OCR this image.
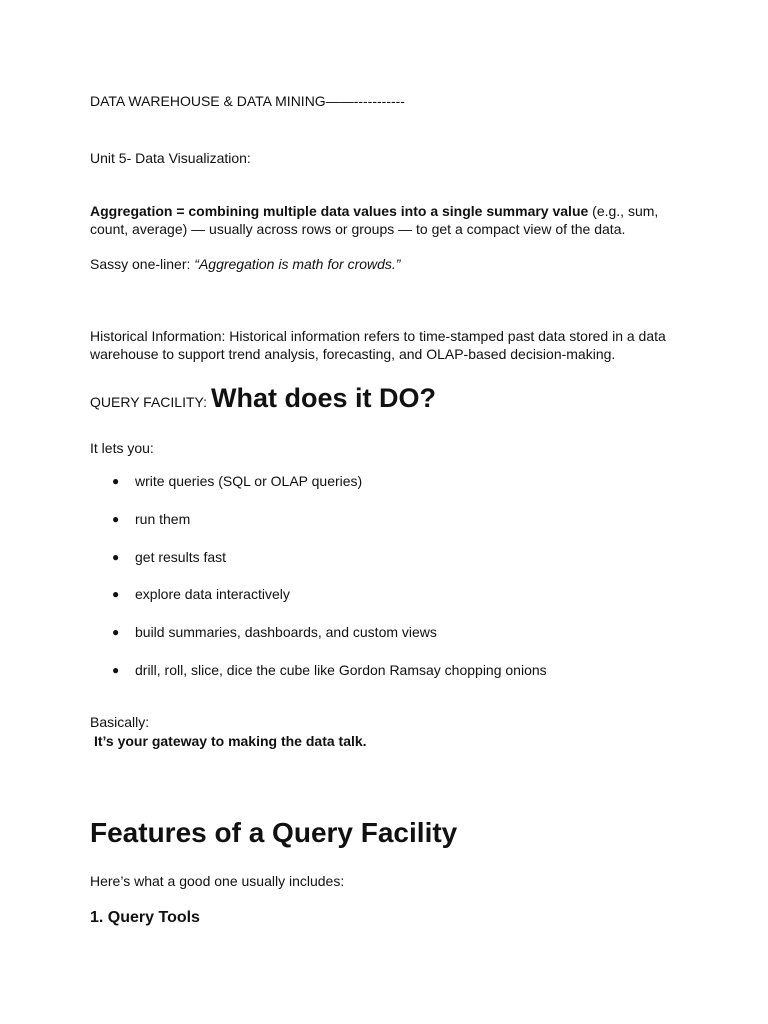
DATA WAREHOUSE & DATA MINING——-----------
Unit 5- Data Visualization:
Aggregation = combining multiple data values into a single summary value (e.g., sum, count, average) — usually across rows or groups — to get a compact view of the data.
Sassy one-liner: “Aggregation is math for crowds.”
Historical Information: Historical information refers to time-stamped past data stored in a data warehouse to support trend analysis, forecasting, and OLAP-based decision-making.
QUERY FACILITY: What does it DO?
It lets you:
● write queries (SQL or OLAP queries)
● run them
● get results fast
● explore data interactively
● build summaries, dashboards, and custom views
● drill, roll, slice, dice the cube like Gordon Ramsay chopping onions
Basically:
It’s your gateway to making the data talk.
Features of a Query Facility
Here’s what a good one usually includes:
1. Query Tools
